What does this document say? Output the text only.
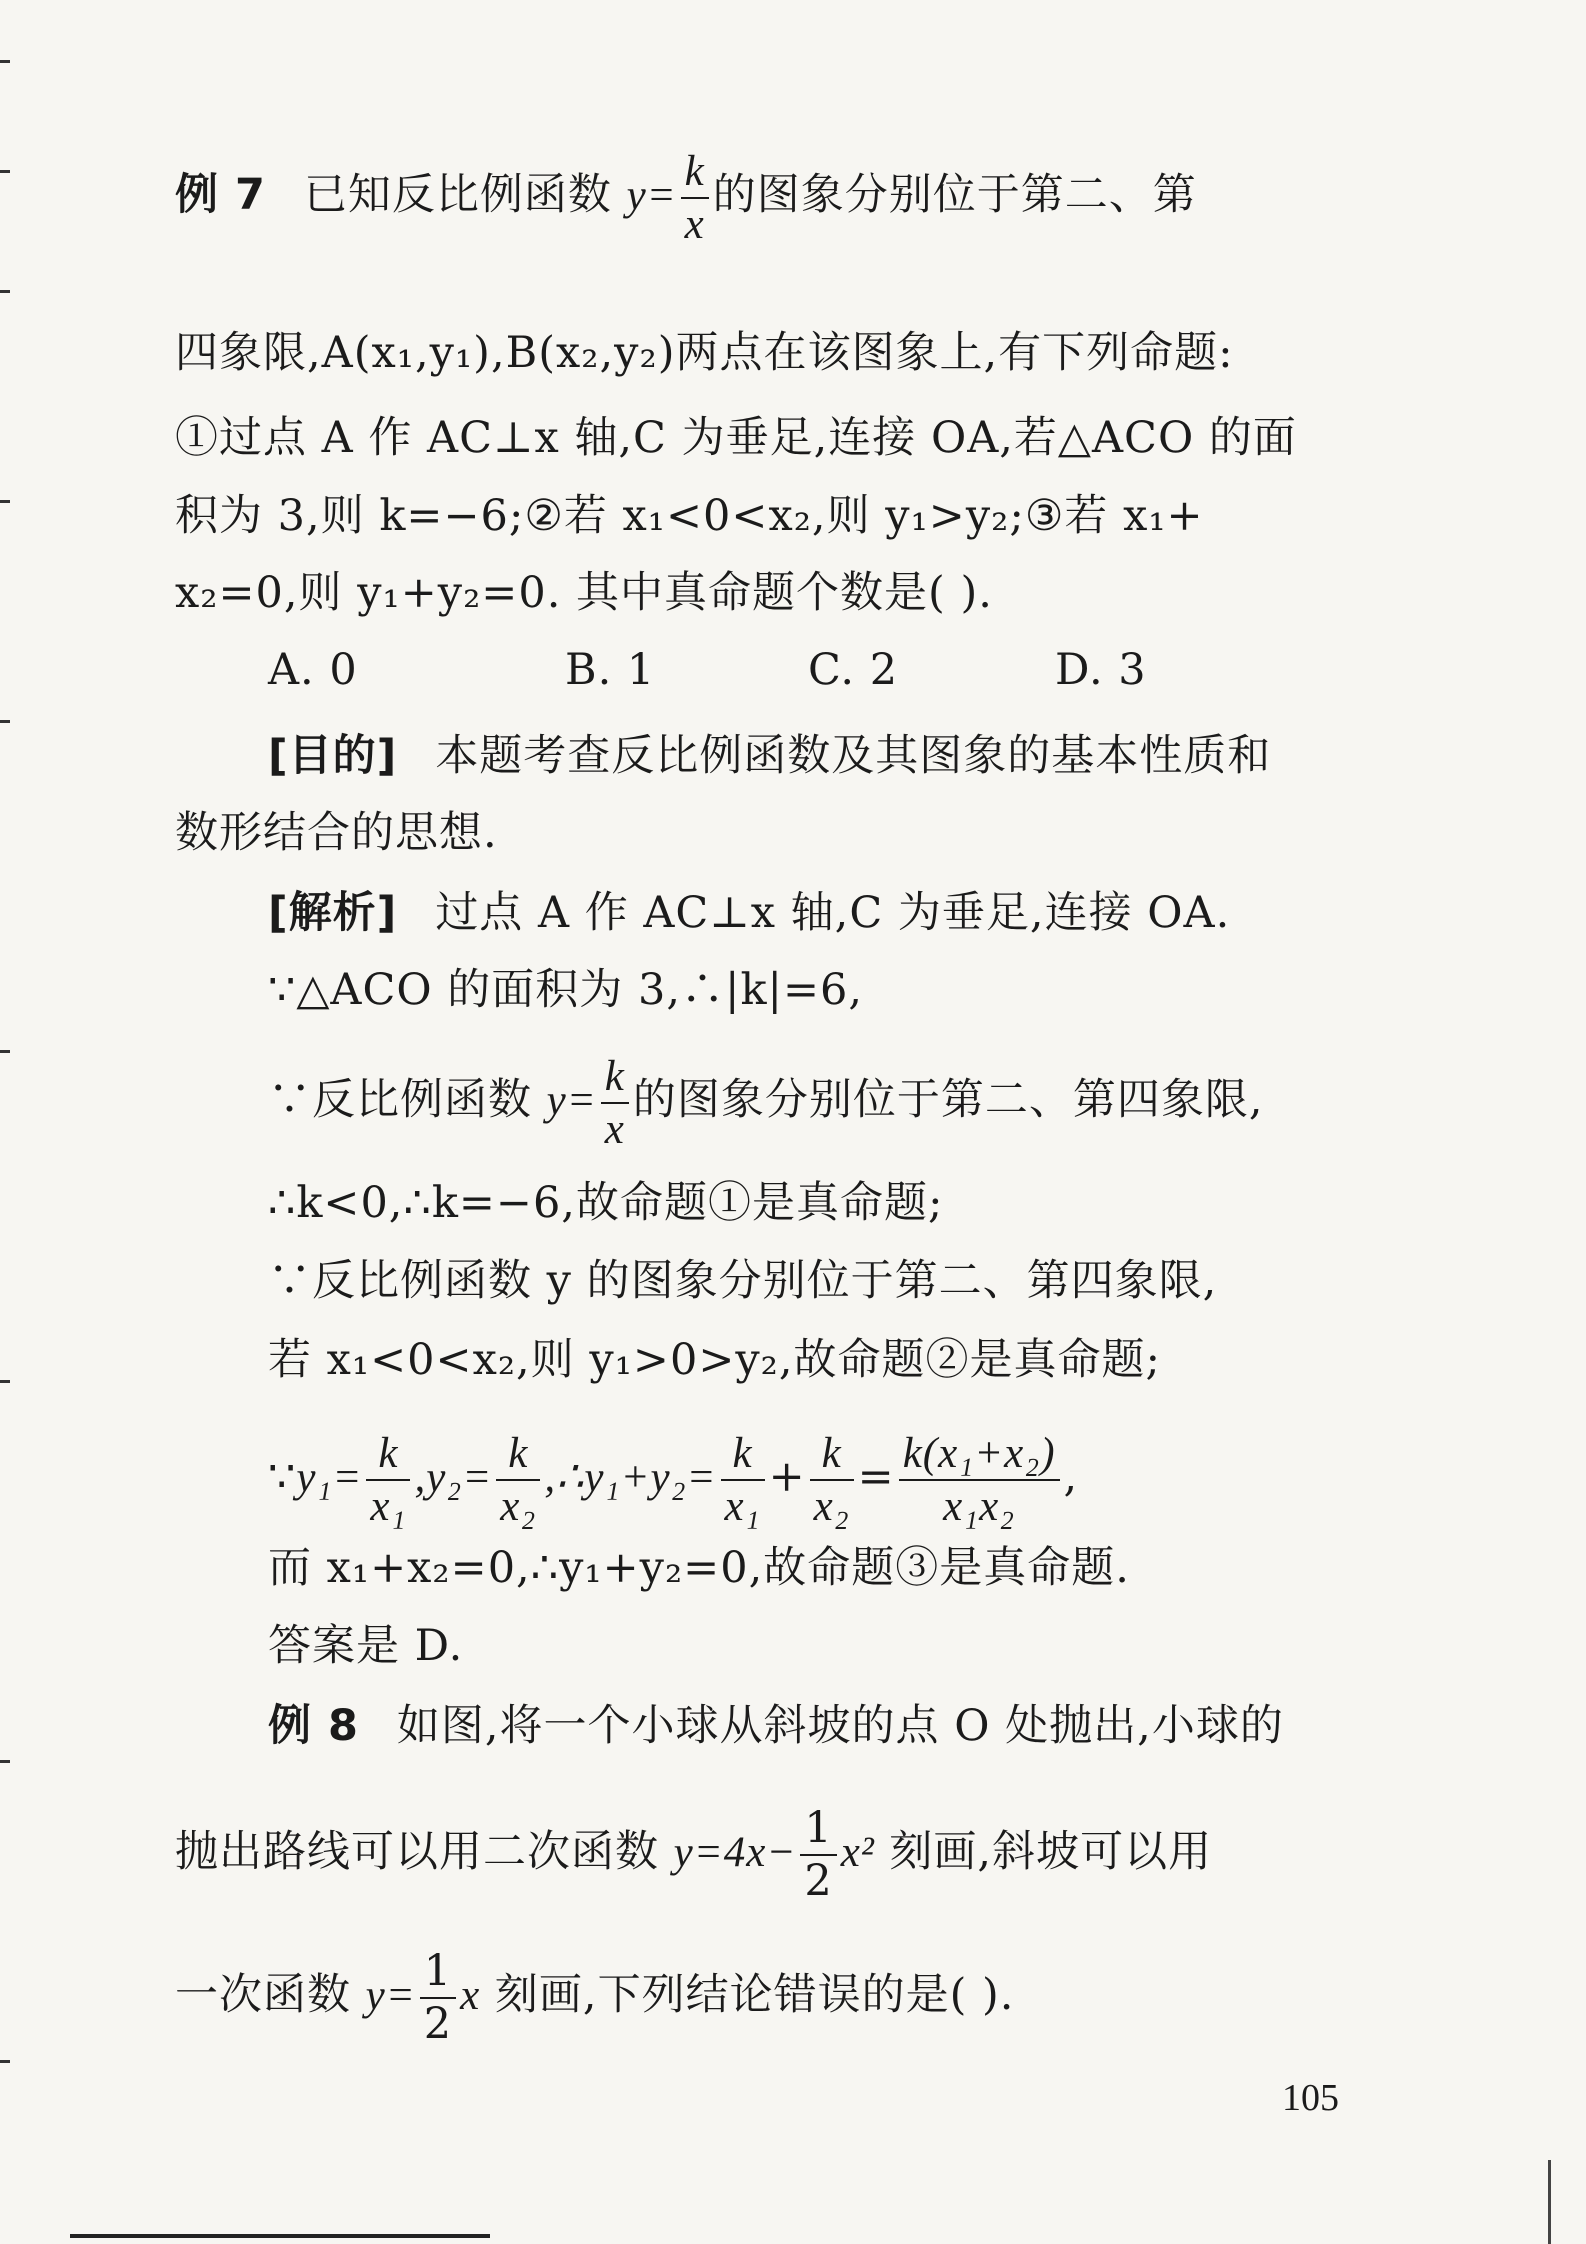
例 7 已知反比例函数 $y= \frac{k}{x}$ 的图象分别位于第二、第
四象限,A(x₁,y₁),B(x₂,y₂)两点在该图象上,有下列命题:
①过点 A 作 AC⊥x 轴,C 为垂足,连接 OA,若△ACO 的面
积为 3,则 k=−6;②若 x₁<0<x₂,则 y₁>y₂;③若 x₁+
x₂=0,则 y₁+y₂=0. 其中真命题个数是( ).
A. 0	B. 1	C. 2	D. 3
[目的] 本题考查反比例函数及其图象的基本性质和
数形结合的思想.
[解析] 过点 A 作 AC⊥x 轴,C 为垂足,连接 OA.
∵△ACO 的面积为 3,∴|k|=6,
∵反比例函数 $y= \frac{k}{x}$ 的图象分别位于第二、第四象限,
∴k<0,∴k=−6,故命题①是真命题;
∵反比例函数 y 的图象分别位于第二、第四象限,
若 x₁<0<x₂,则 y₁>0>y₂,故命题②是真命题;
∵y₁= $\frac{k}{\text{x₁}} ,y_2= \frac{k}{\text{x₂}}$ ,∴y₁+y₂= $\frac{k}{\text{x₁}} + \frac{k}{\text{x₂}} = \frac{\text{k(x₁+x₂)}}{\text{x₁x₂}}$ ,
而 x₁+x₂=0,∴y₁+y₂=0,故命题③是真命题.
答案是 D.
例 8 如图,将一个小球从斜坡的点 O 处抛出,小球的
抛出路线可以用二次函数 $y=4x- \frac{1}{2} x^2$ 刻画,斜坡可以用
一次函数 $y= \frac{1}{2}$ x 刻画,下列结论错误的是( ).
105
